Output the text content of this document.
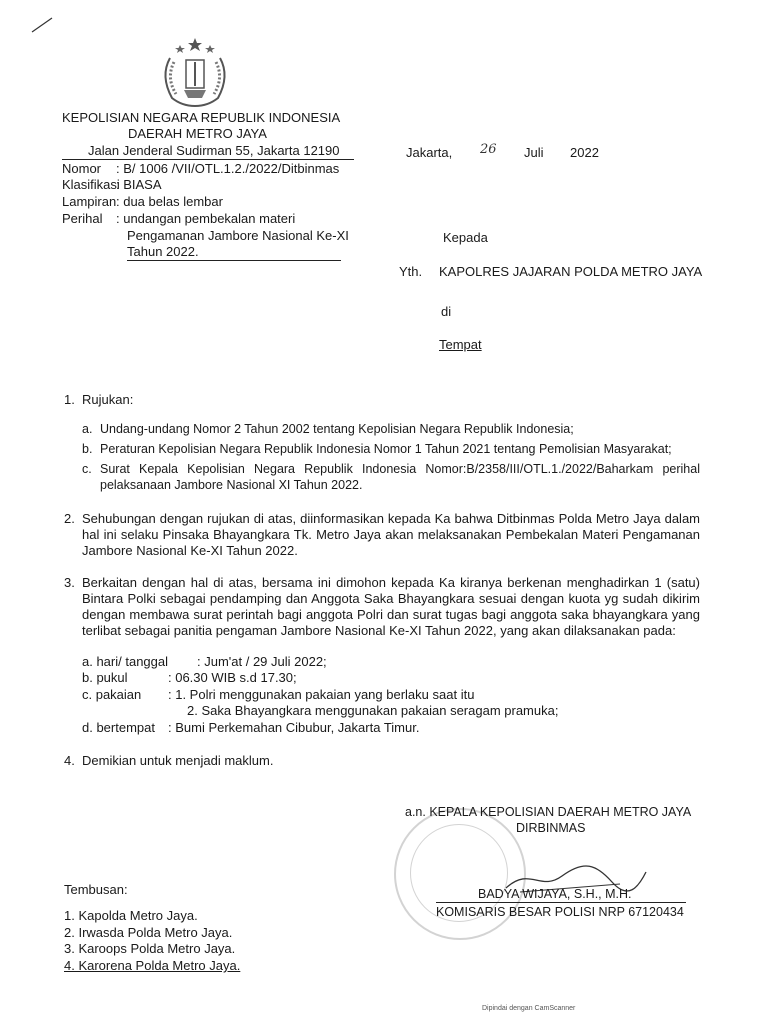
KEPOLISIAN NEGARA REPUBLIK INDONESIA
DAERAH METRO JAYA
Jalan Jenderal Sudirman 55, Jakarta 12190	Jakarta, 26 Juli 2022
Nomor : B/ 1006 /VII/OTL.1.2./2022/Ditbinmas
Klasifikasi
: BIASA
Lampiran : dua belas lembar
Perihal : undangan pembekalan materi
Pengamanan Jambore Nasional Ke-XI
Tahun 2022.
Kepada
Yth. KAPOLRES JAJARAN POLDA METRO JAYA
di
Tempat
1. Rujukan:
a. Undang-undang Nomor 2 Tahun 2002 tentang Kepolisian Negara Republik Indonesia;
b. Peraturan Kepolisian Negara Republik Indonesia Nomor 1 Tahun 2021 tentang Pemolisian Masyarakat;
c. Surat Kepala Kepolisian Negara Republik Indonesia Nomor:B/2358/III/OTL.1./2022/Baharkam perihal pelaksanaan Jambore Nasional XI Tahun 2022.
2. Sehubungan dengan rujukan di atas, diinformasikan kepada Ka bahwa Ditbinmas Polda Metro Jaya dalam hal ini selaku Pinsaka Bhayangkara Tk. Metro Jaya akan melaksanakan Pembekalan Materi Pengamanan Jambore Nasional Ke-XI Tahun 2022.
3. Berkaitan dengan hal di atas, bersama ini dimohon kepada Ka kiranya berkenan menghadirkan 1 (satu) Bintara Polki sebagai pendamping dan Anggota Saka Bhayangkara sesuai dengan kuota yg sudah dikirim dengan membawa surat perintah bagi anggota Polri dan surat tugas bagi anggota saka bhayangkara yang terlibat sebagai panitia pengaman Jambore Nasional Ke-XI Tahun 2022, yang akan dilaksanakan pada:
a. hari/ tanggal : Jum'at / 29 Juli 2022;
b. pukul	: 06.30 WIB s.d 17.30;
c. pakaian : 1. Polri menggunakan pakaian yang berlaku saat itu
2. Saka Bhayangkara menggunakan pakaian seragam pramuka;
d. bertempat : Bumi Perkemahan Cibubur, Jakarta Timur.
4. Demikian untuk menjadi maklum.
a.n. KEPALA KEPOLISIAN DAERAH METRO JAYA
DIRBINMAS
BADYA WIJAYA, S.H., M.H.
KOMISARIS BESAR POLISI NRP 67120434
Tembusan:
1. Kapolda Metro Jaya.
2. Irwasda Polda Metro Jaya.
3. Karoops Polda Metro Jaya.
4. Karorena Polda Metro Jaya.
Dipindai dengan CamScanner
